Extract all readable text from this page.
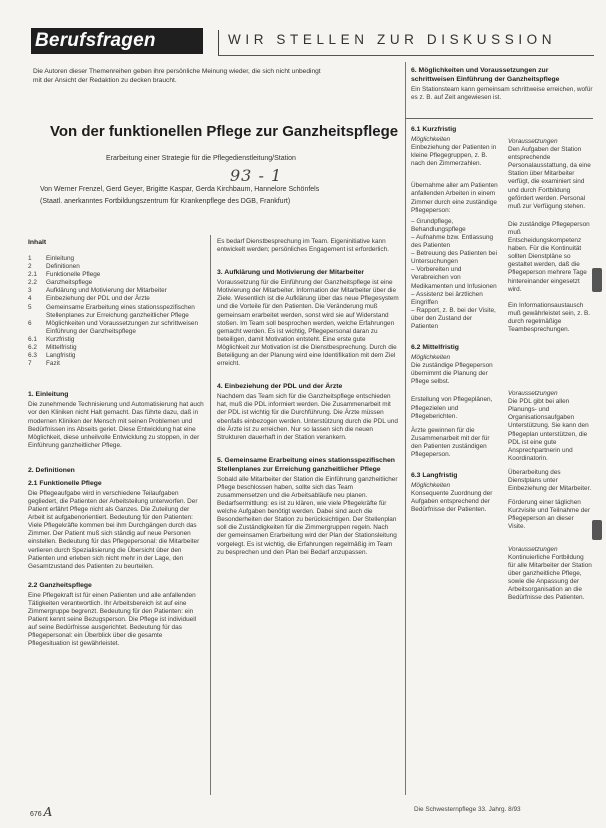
Berufsfragen	WIR STELLEN ZUR DISKUSSION
Die Autoren dieser Themenreihen geben ihre persönliche Meinung wieder, die sich nicht unbedingt
mit der Ansicht der Redaktion zu decken braucht.
Von der funktionellen Pflege zur Ganzheitspflege
Erarbeitung einer Strategie für die Pflegedienstleitung/Station
93 - 1
Von Werner Frenzel, Gerd Geyer, Brigitte Kaspar, Gerda Kirchbaum, Hannelore Schönfels
(Staatl. anerkanntes Fortbildungszentrum für Krankenpflege des DGB, Frankfurt)
Inhalt
1	Einleitung
2	Definitionen
2.1	Funktionelle Pflege
2.2	Ganzheitspflege
3	Aufklärung und Motivierung der Mitarbeiter
4	Einbeziehung der PDL und der Ärzte
5	Gemeinsame Erarbeitung eines stationsspezifischen Stellenplanes zur Erreichung ganzheitlicher Pflege
6	Möglichkeiten und Voraussetzungen zur schrittweisen Einführung der Ganzheitspflege
6.1	Kurzfristig
6.2	Mittelfristig
6.3	Langfristig
7	Fazit
1. Einleitung

Die zunehmende Technisierung und Automatisierung hat auch vor den Kliniken nicht Halt gemacht. Das führte dazu, daß in modernen Kliniken der Mensch mit seinen Problemen und Bedürfnissen ins Abseits geriet. Diese Entwicklung hat eine Möglichkeit, diese unheilvolle Entwicklung zu stoppen, in der Einführung ganzheitlicher Pflege.

2. Definitionen
2.1 Funktionelle Pflege

Die Pflegeaufgabe wird in verschiedene Teilaufgaben gegliedert, die Patienten der Arbeitsteilung unterworfen. Der Patient erfährt Pflege nicht als Ganzes. Die Zuteilung der Arbeit ist aufgabenorientiert. Bedeutung für den Patienten: Viele Pflegekräfte kommen bei ihm Durchgängen durch das Zimmer. Der Patient muß sich ständig auf neue Personen einstellen. Bedeutung für das Pflegepersonal: die Mitarbeiter verlieren durch Spezialisierung die Übersicht über den Patienten und erleben sich nicht mehr in der Lage, den Gesamtzustand des Patienten zu beurteilen.

2.2 Ganzheitspflege

Eine Pflegekraft ist für einen Patienten und alle anfallenden Tätigkeiten verantwortlich. Ihr Arbeitsbereich ist auf eine Zimmergruppe begrenzt. Bedeutung für den Patienten: ein Patient kennt seine Bezugsperson. Die Pflege ist individuell auf seine Bedürfnisse ausgerichtet. Bedeutung für das Pflegepersonal: ein Überblick über die gesamte Pflegesituation ist gewährleistet.

Es bedarf Dienstbesprechung im Team. Eigeninitiative kann entwickelt werden; persönliches Engagement ist erforderlich.

3. Aufklärung und Motivierung der Mitarbeiter

Voraussetzung für die Einführung der Ganzheitspflege ist eine Motivierung der Mitarbeiter. Information der Mitarbeiter über die Ziele. Wesentlich ist die Aufklärung über das neue Pflegesystem und die Vorteile für den Patienten. Die Veränderung muß gemeinsam erarbeitet werden, sonst wird sie auf Widerstand stoßen. Im Team soll besprochen werden, welche Erfahrungen gemacht werden. Es ist wichtig, Pflegepersonal daran zu beteiligen, damit Motivation entsteht. Eine erste gute Möglichkeit zur Motivation ist die Dienstbesprechung. Durch die Beteiligung an der Planung wird eine Identifikation mit dem Ziel erreicht.

4. Einbeziehung der PDL und der Ärzte

Nachdem das Team sich für die Ganzheitspflege entschieden hat, muß die PDL informiert werden. Die Zusammenarbeit mit der PDL ist wichtig für die Durchführung. Die Ärzte müssen ebenfalls einbezogen werden. Unterstützung durch die PDL und die Ärzte ist zu erreichen. Nur so lassen sich die neuen Strukturen dauerhaft in der Station verankern.

5. Gemeinsame Erarbeitung eines stationsspezifischen Stellenplanes zur Erreichung ganzheitlicher Pflege

Sobald alle Mitarbeiter der Station die Einführung ganzheitlicher Pflege beschlossen haben, sollte sich das Team zusammensetzen und die Arbeitsabläufe neu planen. Bedarfsermittlung: es ist zu klären, wie viele Pflegekräfte für welche Aufgaben benötigt werden. Dabei sind auch die Besonderheiten der Station zu berücksichtigen. Der Stellenplan soll die Zuständigkeiten für die Zimmergruppen regeln. Nach der gemeinsamen Erarbeitung wird der Plan der Stationsleitung vorgelegt. Es ist wichtig, die Erfahrungen regelmäßig im Team zu besprechen und den Plan bei Bedarf anzupassen.

6. Möglichkeiten und Voraussetzungen zur schrittweisen Einführung der Ganzheitspflege

Ein Stationsteam kann gemeinsam schrittweise erreichen, wofür es z. B. auf Zeit angewiesen ist.

6.1 Kurzfristig

Möglichkeiten

Einbeziehung der Patienten in kleine Pflegegruppen, z. B. nach den Zimmerzahlen.

Übernahme aller am Patienten anfallenden Arbeiten in einem Zimmer durch eine zuständige Pflegeperson:

– Grundpflege, Behandlungspflege

– Aufnahme bzw. Entlassung des Patienten

– Betreuung des Patienten bei Untersuchungen

– Vorbereiten und Verabreichen von Medikamenten und Infusionen

– Assistenz bei ärztlichen Eingriffen

– Rapport, z. B. bei der Visite, über den Zustand der Patienten

6.2 Mittelfristig

Möglichkeiten

Die zuständige Pflegeperson übernimmt die Planung der Pflege selbst.

Erstellung von Pflegeplänen, Pflegezielen und Pflegeberichten.

Ärzte gewinnen für die Zusammenarbeit mit der für den Patienten zuständigen Pflegeperson.

6.3 Langfristig

Möglichkeiten

Konsequente Zuordnung der Aufgaben entsprechend der Bedürfnisse der Patienten.

Voraussetzungen

Den Aufgaben der Station entsprechende Personalausstattung, da eine Station über Mitarbeiter verfügt, die examiniert sind und durch Fortbildung gefördert werden. Personal muß zur Verfügung stehen.

Die zuständige Pflegeperson muß Entscheidungskompetenz haben. Für die Kontinuität sollten Dienstpläne so gestaltet werden, daß die Pflegeperson mehrere Tage hintereinander eingesetzt wird.

Ein Informationsaustausch muß gewährleistet sein, z. B. durch regelmäßige Teambesprechungen.

Voraussetzungen

Die PDL gibt bei allen Planungs- und Organisationsaufgaben Unterstützung. Sie kann den Pflegeplan unterstützen, die PDL ist eine gute Ansprechpartnerin und Koordinatorin.

Überarbeitung des Dienstplans unter Einbeziehung der Mitarbeiter.

Förderung einer täglichen Kurzvisite und Teilnahme der Pflegeperson an dieser Visite.

Voraussetzungen

Kontinuierliche Fortbildung für alle Mitarbeiter der Station über ganzheitliche Pflege, sowie die Anpassung der Arbeitsorganisation an die Bedürfnisse des Patienten.

676 A	Die Schwesternpflege 33. Jahrg. 8/93
